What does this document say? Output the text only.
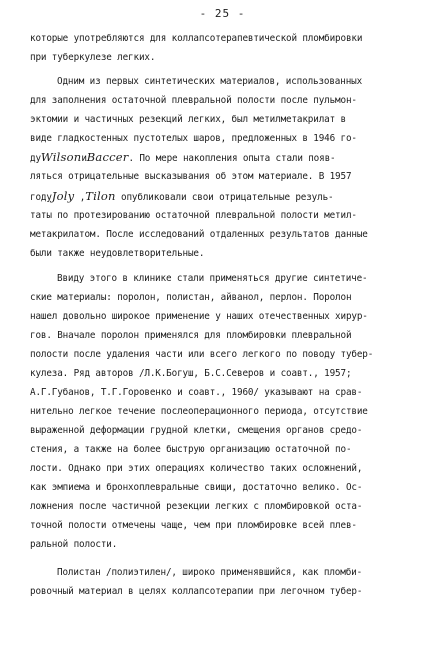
- 25 -
которые употребляются для коллапсотерапевтической пломбировки
при туберкулезе легких.
Одним из первых синтетических материалов, использованных
для заполнения остаточной плевральной полости после пульмон-
эктомии и частичных резекций легких, был метилметакрилат в
виде гладкостенных пустотелых шаров, предложенных в 1946 го-
дуWilsonиBaccer. По мере накопления опыта стали появ-
ляться отрицательные высказывания об этом материале. В 1957
годуJoly ,Tilon опубликовали свои отрицательные резуль-
таты по протезированию остаточной плевральной полости метил-
метакрилатом. После исследований отдаленных результатов данные
были также неудовлетворительные.
Ввиду этого в клинике стали применяться другие синтетиче-
ские материалы: поролон, полистан, айванол, перлон. Поролон
нашел довольно широкое применение у наших отечественных хирур-
гов. Вначале поролон применялся для пломбировки плевральной
полости после удаления части или всего легкого по поводу тубер-
кулеза. Ряд авторов /Л.К.Богуш, Б.С.Северов и соавт., 1957;
А.Г.Губанов, Т.Г.Горовенко и соавт., 1960/ указывают на срав-
нительно легкое течение послеоперационного периода, отсутствие
выраженной деформации грудной клетки, смещения органов средо-
стения, а также на более быструю организацию остаточной по-
лости. Однако при этих операциях количество таких осложнений,
как эмпиема и бронхоплевральные свищи, достаточно велико. Ос-
ложнения после частичной резекции легких с пломбировкой оста-
точной полости отмечены чаще, чем при пломбировке всей плев-
ральной полости.
Полистан /полиэтилен/, широко применявшийся, как пломби-
ровочный материал в целях коллапсотерапии при легочном тубер-
